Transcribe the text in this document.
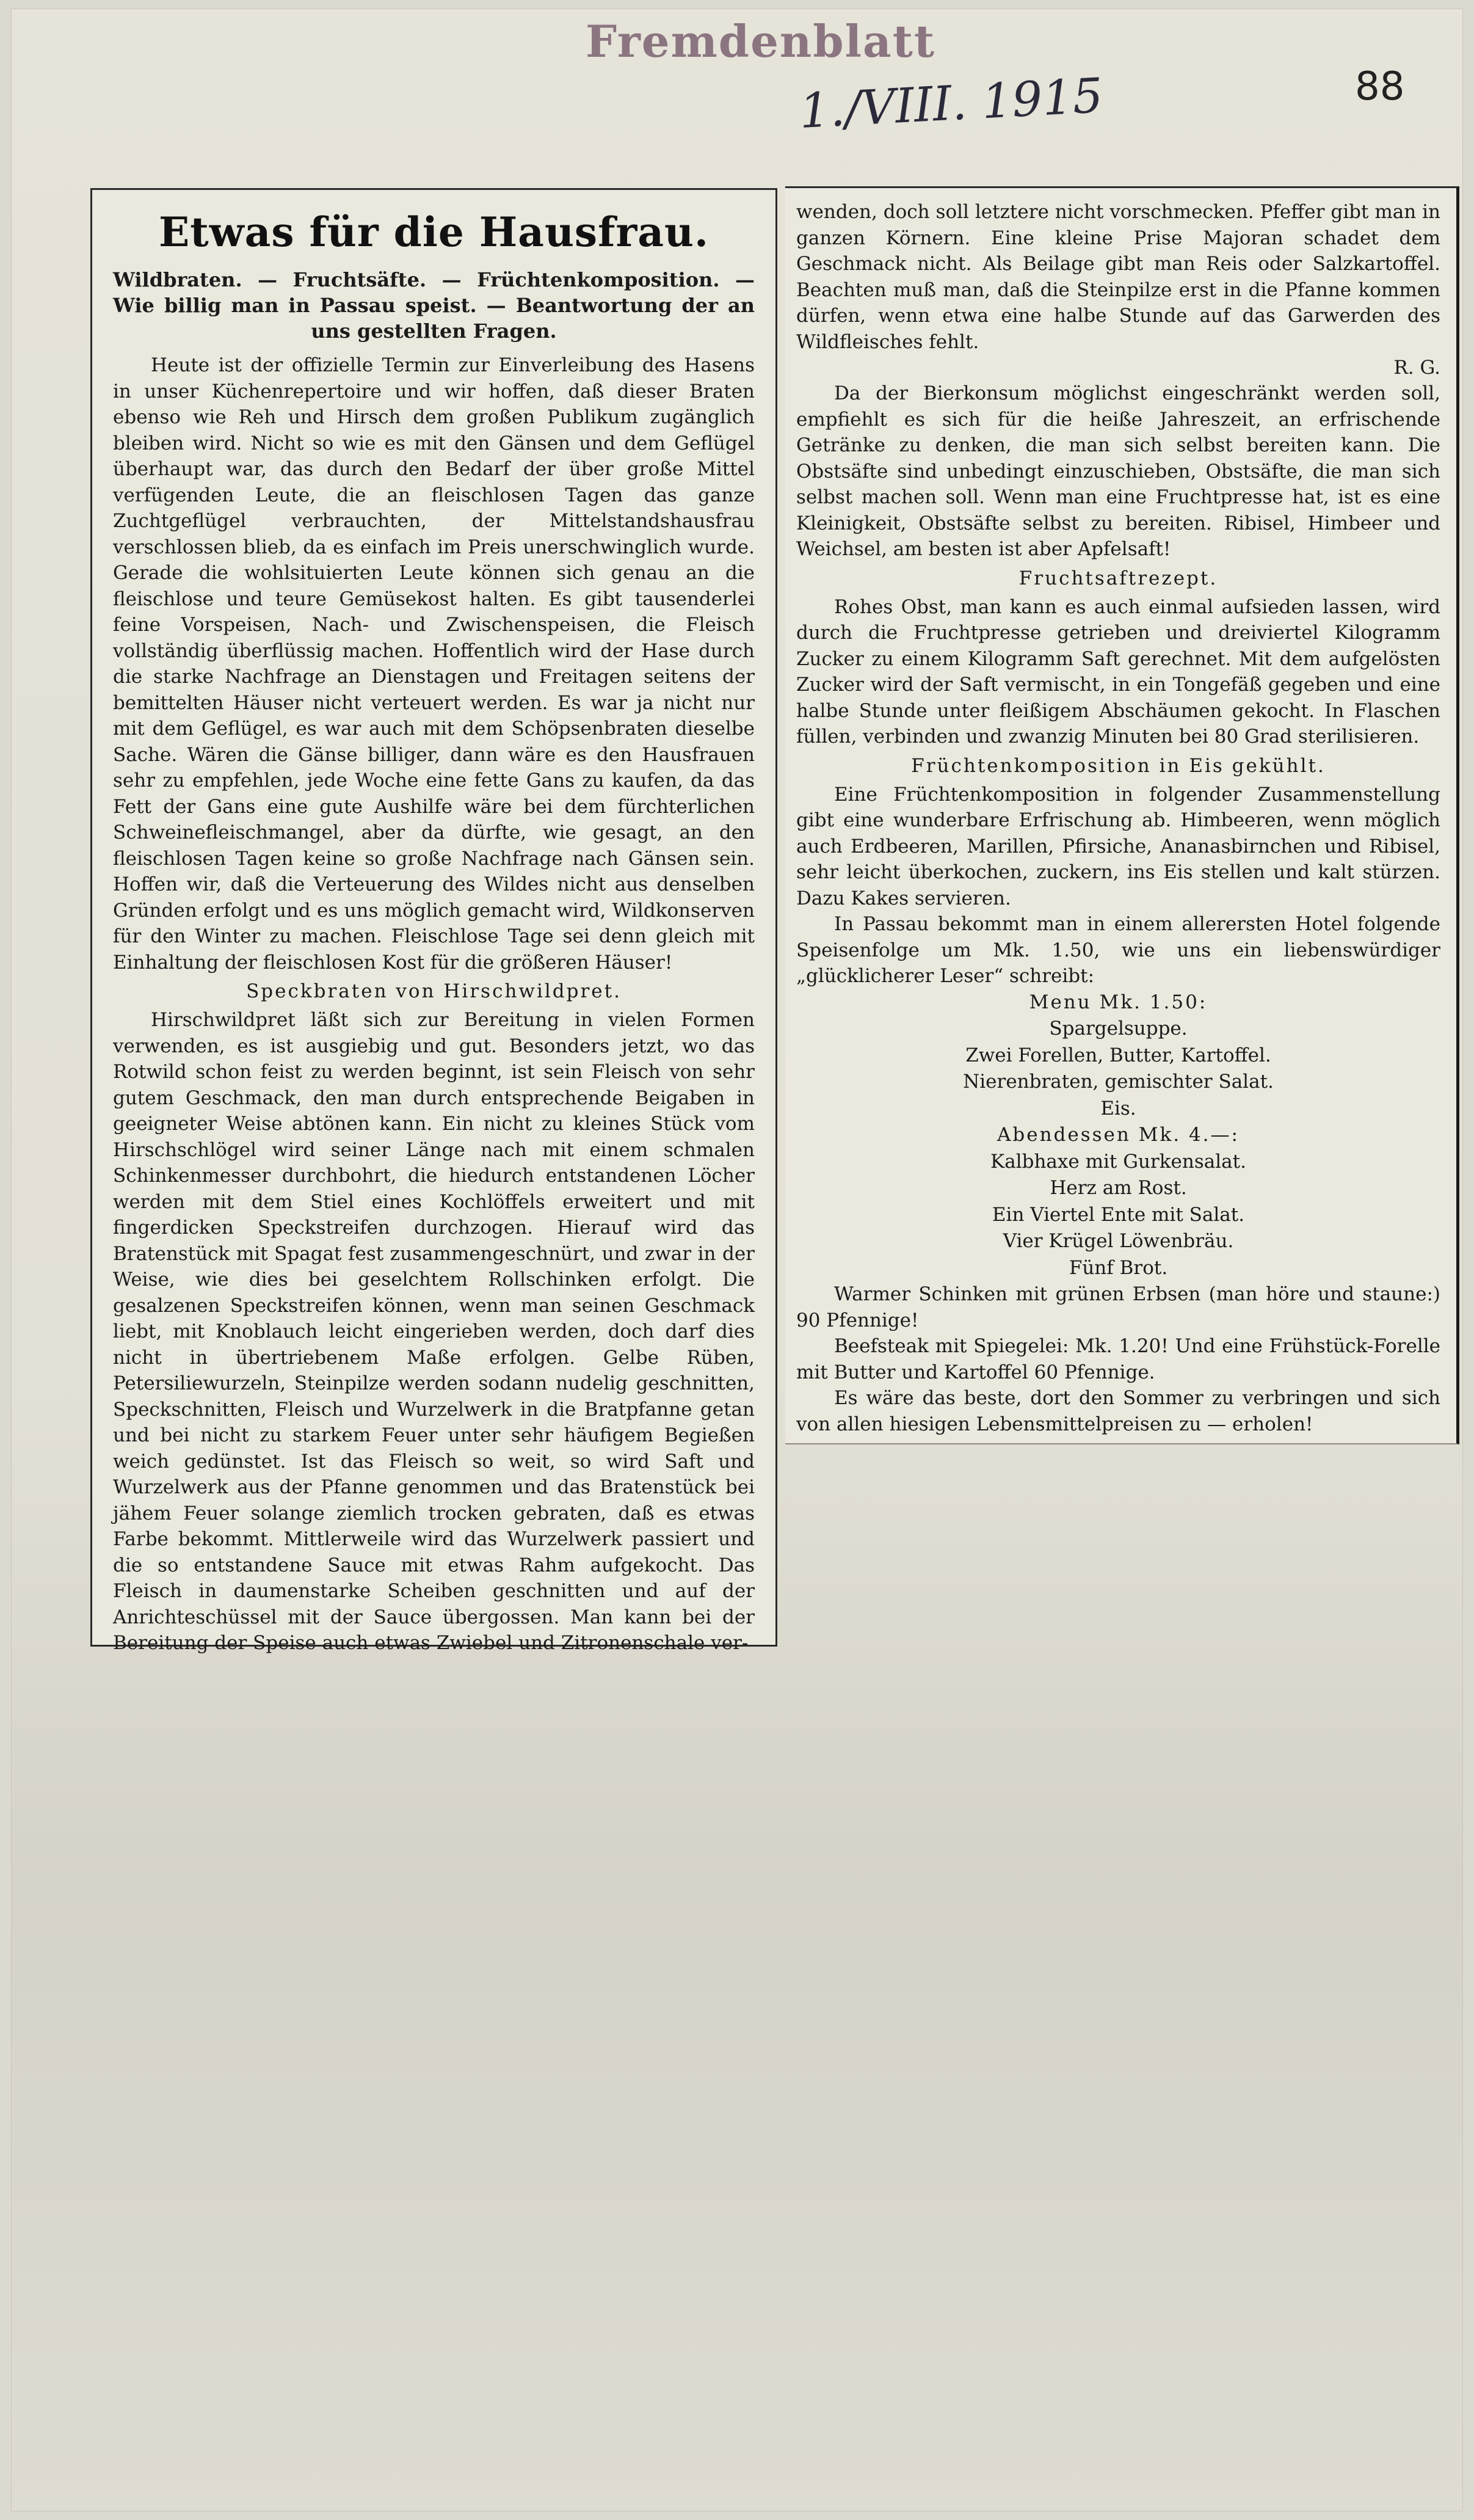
Fremdenblatt
1./VIII. 1915	88
Etwas für die Hausfrau.
Wildbraten. — Fruchtsäfte. — Früchtenkomposition. — Wie billig man in Passau speist. — Beantwortung der an uns gestellten Fragen.

Heute ist der offizielle Termin zur Einverleibung des Hasens in unser Küchenrepertoire und wir hoffen, daß dieser Braten ebenso wie Reh und Hirsch dem großen Publikum zugänglich bleiben wird. Nicht so wie es mit den Gänsen und dem Geflügel überhaupt war, das durch den Bedarf der über große Mittel verfügenden Leute, die an fleischlosen Tagen das ganze Zuchtgeflügel verbrauchten, der Mittelstandshausfrau verschlossen blieb, da es einfach im Preis unerschwinglich wurde. Gerade die wohlsituierten Leute können sich genau an die fleischlose und teure Gemüsekost halten. Es gibt tausenderlei feine Vorspeisen, Nach- und Zwischenspeisen, die Fleisch vollständig überflüssig machen. Hoffentlich wird der Hase durch die starke Nachfrage an Dienstagen und Freitagen seitens der bemittelten Häuser nicht verteuert werden. Es war ja nicht nur mit dem Geflügel, es war auch mit dem Schöpsenbraten dieselbe Sache. Wären die Gänse billiger, dann wäre es den Hausfrauen sehr zu empfehlen, jede Woche eine fette Gans zu kaufen, da das Fett der Gans eine gute Aushilfe wäre bei dem fürchterlichen Schweinefleischmangel, aber da dürfte, wie gesagt, an den fleischlosen Tagen keine so große Nachfrage nach Gänsen sein. Hoffen wir, daß die Verteuerung des Wildes nicht aus denselben Gründen erfolgt und es uns möglich gemacht wird, Wildkonserven für den Winter zu machen. Fleischlose Tage sei denn gleich mit Einhaltung der fleischlosen Kost für die größeren Häuser!

Speckbraten von Hirschwildpret.

Hirschwildpret läßt sich zur Bereitung in vielen Formen verwenden, es ist ausgiebig und gut. Besonders jetzt, wo das Rotwild schon feist zu werden beginnt, ist sein Fleisch von sehr gutem Geschmack, den man durch entsprechende Beigaben in geeigneter Weise abtönen kann. Ein nicht zu kleines Stück vom Hirschschlögel wird seiner Länge nach mit einem schmalen Schinkenmesser durchbohrt, die hiedurch entstandenen Löcher werden mit dem Stiel eines Kochlöffels erweitert und mit fingerdicken Speckstreifen durchzogen. Hierauf wird das Bratenstück mit Spagat fest zusammengeschnürt, und zwar in der Weise, wie dies bei geselchtem Rollschinken erfolgt. Die gesalzenen Speckstreifen können, wenn man seinen Geschmack liebt, mit Knoblauch leicht eingerieben werden, doch darf dies nicht in übertriebenem Maße erfolgen. Gelbe Rüben, Petersiliewurzeln, Steinpilze werden sodann nudelig geschnitten, Speckschnitten, Fleisch und Wurzelwerk in die Bratpfanne getan und bei nicht zu starkem Feuer unter sehr häufigem Begießen weich gedünstet. Ist das Fleisch so weit, so wird Saft und Wurzelwerk aus der Pfanne genommen und das Bratenstück bei jähem Feuer solange ziemlich trocken gebraten, daß es etwas Farbe bekommt. Mittlerweile wird das Wurzelwerk passiert und die so entstandene Sauce mit etwas Rahm aufgekocht. Das Fleisch in daumenstarke Scheiben geschnitten und auf der Anrichteschüssel mit der Sauce übergossen. Man kann bei der Bereitung der Speise auch etwas Zwiebel und Zitronenschale ver-

wenden, doch soll letztere nicht vorschmecken. Pfeffer gibt man in ganzen Körnern. Eine kleine Prise Majoran schadet dem Geschmack nicht. Als Beilage gibt man Reis oder Salzkartoffel. Beachten muß man, daß die Steinpilze erst in die Pfanne kommen dürfen, wenn etwa eine halbe Stunde auf das Garwerden des Wildfleisches fehlt.

R. G.

Da der Bierkonsum möglichst eingeschränkt werden soll, empfiehlt es sich für die heiße Jahreszeit, an erfrischende Getränke zu denken, die man sich selbst bereiten kann. Die Obstsäfte sind unbedingt einzuschieben, Obstsäfte, die man sich selbst machen soll. Wenn man eine Fruchtpresse hat, ist es eine Kleinigkeit, Obstsäfte selbst zu bereiten. Ribisel, Himbeer und Weichsel, am besten ist aber Apfelsaft!

Fruchtsaftrezept.

Rohes Obst, man kann es auch einmal aufsieden lassen, wird durch die Fruchtpresse getrieben und dreiviertel Kilogramm Zucker zu einem Kilogramm Saft gerechnet. Mit dem aufgelösten Zucker wird der Saft vermischt, in ein Tongefäß gegeben und eine halbe Stunde unter fleißigem Abschäumen gekocht. In Flaschen füllen, verbinden und zwanzig Minuten bei 80 Grad sterilisieren.

Früchtenkomposition in Eis gekühlt.

Eine Früchtenkomposition in folgender Zusammenstellung gibt eine wunderbare Erfrischung ab. Himbeeren, wenn möglich auch Erdbeeren, Marillen, Pfirsiche, Ananasbirnchen und Ribisel, sehr leicht überkochen, zuckern, ins Eis stellen und kalt stürzen. Dazu Kakes servieren.

In Passau bekommt man in einem allerersten Hotel folgende Speisenfolge um Mk. 1.50, wie uns ein liebenswürdiger „glücklicherer Leser“ schreibt:

Menu Mk. 1.50:
Spargelsuppe.
Zwei Forellen, Butter, Kartoffel.
Nierenbraten, gemischter Salat.
Eis.
Abendessen Mk. 4.—:
Kalbhaxe mit Gurkensalat.
Herz am Rost.
Ein Viertel Ente mit Salat.
Vier Krügel Löwenbräu.
Fünf Brot.

Warmer Schinken mit grünen Erbsen (man höre und staune:) 90 Pfennige!

Beefsteak mit Spiegelei: Mk. 1.20! Und eine Frühstück-Forelle mit Butter und Kartoffel 60 Pfennige.

Es wäre das beste, dort den Sommer zu verbringen und sich von allen hiesigen Lebensmittelpreisen zu — erholen!
